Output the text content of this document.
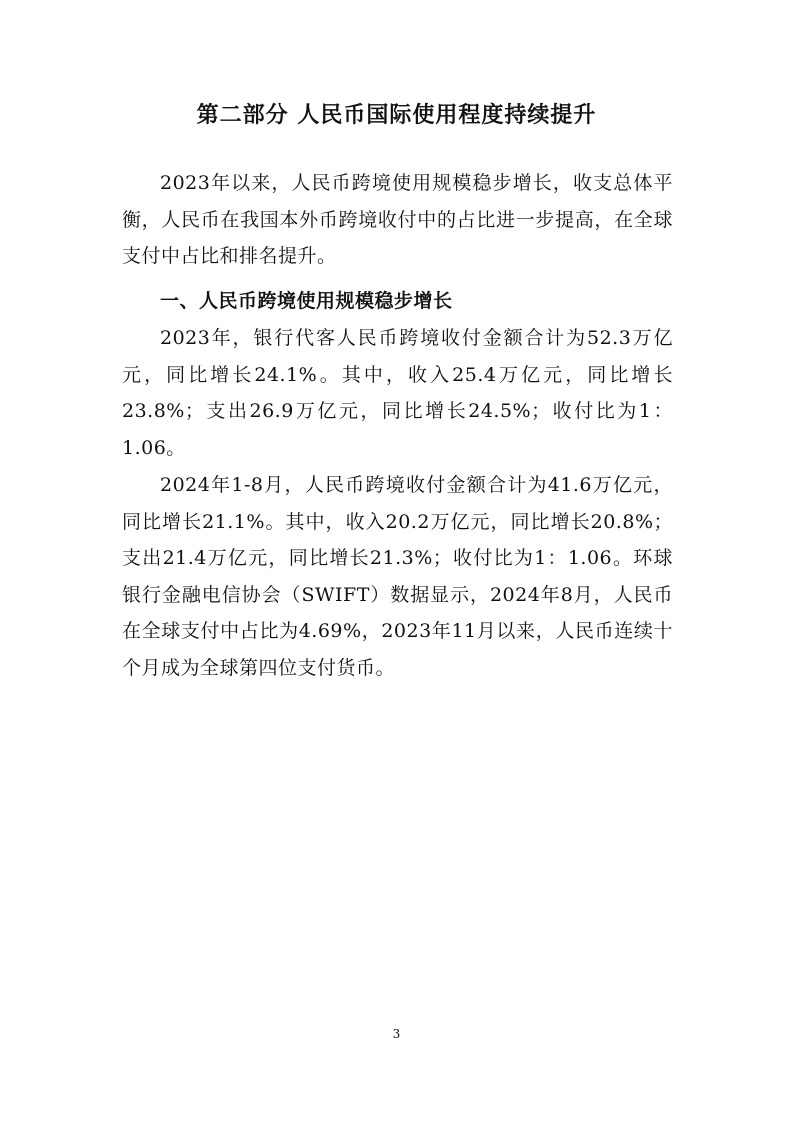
第二部分 人民币国际使用程度持续提升

2023年以来，人民币跨境使用规模稳步增长，收支总体平衡，人民币在我国本外币跨境收付中的占比进一步提高，在全球支付中占比和排名提升。

一、人民币跨境使用规模稳步增长

2023年，银行代客人民币跨境收付金额合计为52.3万亿元，同比增长24.1%。其中，收入25.4万亿元，同比增长23.8%；支出26.9万亿元，同比增长24.5%；收付比为1：1.06。

2024年1-8月，人民币跨境收付金额合计为41.6万亿元，同比增长21.1%。其中，收入20.2万亿元，同比增长20.8%；支出21.4万亿元，同比增长21.3%；收付比为1：1.06。环球银行金融电信协会（SWIFT）数据显示，2024年8月，人民币在全球支付中占比为4.69%，2023年11月以来，人民币连续十个月成为全球第四位支付货币。

3
